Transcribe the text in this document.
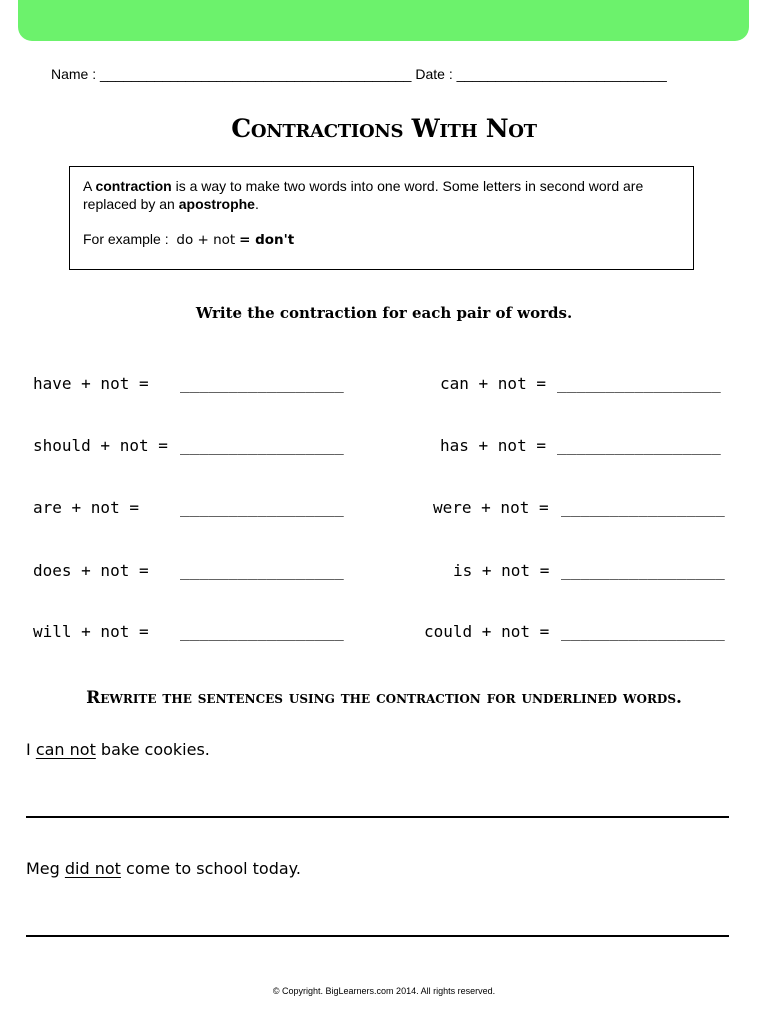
Name : ________________________________________ Date : ___________________________
Contractions With Not

A contraction is a way to make two words into one word. Some letters in second word are replaced by an apostrophe.

For example : do + not = don't

Write the contraction for each pair of words.
have + not = _________________
should + not = _________________
are + not =	_________________
does + not = _________________
will + not = _________________
can + not = _________________
has + not = _________________
were + not = _________________
is + not = _________________
could + not = _________________
Rewrite the sentences using the contraction for underlined words.
I can not bake cookies.
Meg did not come to school today.
© Copyright. BigLearners.com 2014. All rights reserved.
